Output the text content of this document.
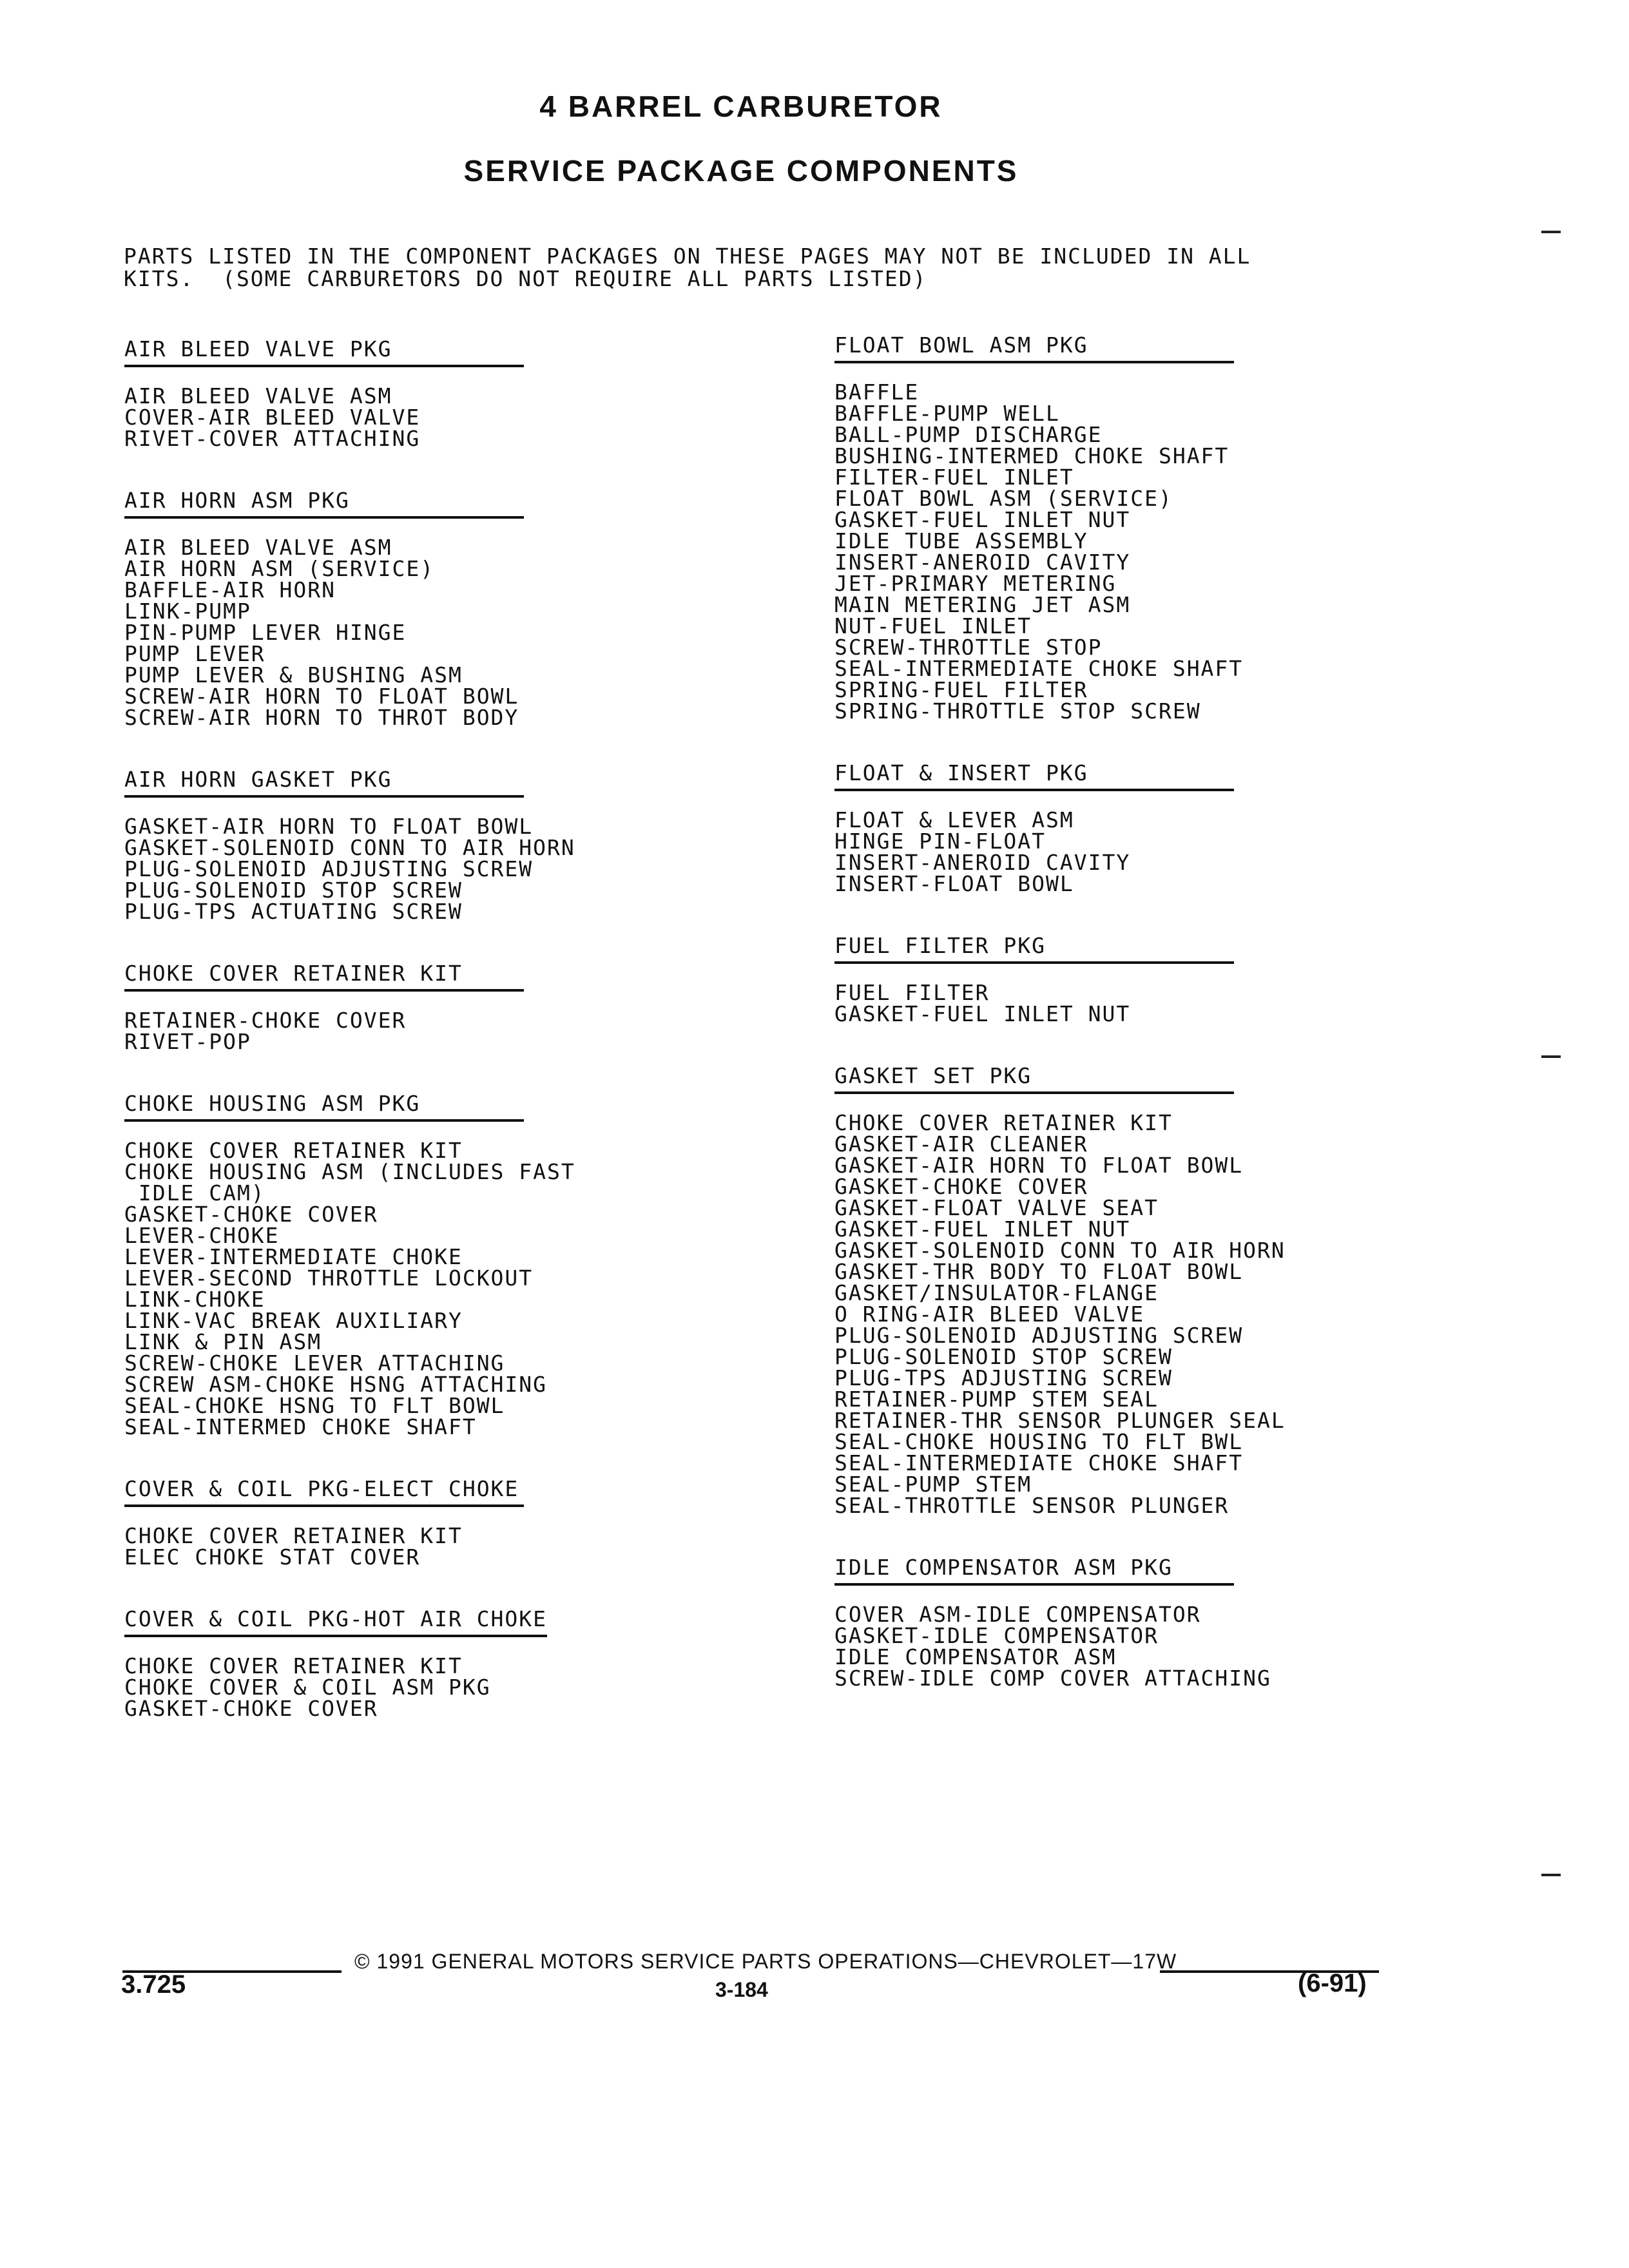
4 BARREL CARBURETOR
SERVICE PACKAGE COMPONENTS
PARTS LISTED IN THE COMPONENT PACKAGES ON THESE PAGES MAY NOT BE INCLUDED IN ALL
KITS.  (SOME CARBURETORS DO NOT REQUIRE ALL PARTS LISTED)
AIR BLEED VALVE PKG
AIR BLEED VALVE ASM
COVER-AIR BLEED VALVE
RIVET-COVER ATTACHING
AIR HORN ASM PKG
AIR BLEED VALVE ASM
AIR HORN ASM (SERVICE)
BAFFLE-AIR HORN
LINK-PUMP
PIN-PUMP LEVER HINGE
PUMP LEVER
PUMP LEVER & BUSHING ASM
SCREW-AIR HORN TO FLOAT BOWL
SCREW-AIR HORN TO THROT BODY
AIR HORN GASKET PKG
GASKET-AIR HORN TO FLOAT BOWL
GASKET-SOLENOID CONN TO AIR HORN
PLUG-SOLENOID ADJUSTING SCREW
PLUG-SOLENOID STOP SCREW
PLUG-TPS ACTUATING SCREW
CHOKE COVER RETAINER KIT
RETAINER-CHOKE COVER
RIVET-POP
CHOKE HOUSING ASM PKG
CHOKE COVER RETAINER KIT
CHOKE HOUSING ASM (INCLUDES FAST
IDLE CAM)
GASKET-CHOKE COVER
LEVER-CHOKE
LEVER-INTERMEDIATE CHOKE
LEVER-SECOND THROTTLE LOCKOUT
LINK-CHOKE
LINK-VAC BREAK AUXILIARY
LINK & PIN ASM
SCREW-CHOKE LEVER ATTACHING
SCREW ASM-CHOKE HSNG ATTACHING
SEAL-CHOKE HSNG TO FLT BOWL
SEAL-INTERMED CHOKE SHAFT
COVER & COIL PKG-ELECT CHOKE
CHOKE COVER RETAINER KIT
ELEC CHOKE STAT COVER
COVER & COIL PKG-HOT AIR CHOKE
CHOKE COVER RETAINER KIT
CHOKE COVER & COIL ASM PKG
GASKET-CHOKE COVER
FLOAT BOWL ASM PKG
BAFFLE
BAFFLE-PUMP WELL
BALL-PUMP DISCHARGE
BUSHING-INTERMED CHOKE SHAFT
FILTER-FUEL INLET
FLOAT BOWL ASM (SERVICE)
GASKET-FUEL INLET NUT
IDLE TUBE ASSEMBLY
INSERT-ANEROID CAVITY
JET-PRIMARY METERING
MAIN METERING JET ASM
NUT-FUEL INLET
SCREW-THROTTLE STOP
SEAL-INTERMEDIATE CHOKE SHAFT
SPRING-FUEL FILTER
SPRING-THROTTLE STOP SCREW
FLOAT & INSERT PKG
FLOAT & LEVER ASM
HINGE PIN-FLOAT
INSERT-ANEROID CAVITY
INSERT-FLOAT BOWL
FUEL FILTER PKG
FUEL FILTER
GASKET-FUEL INLET NUT
GASKET SET PKG
CHOKE COVER RETAINER KIT
GASKET-AIR CLEANER
GASKET-AIR HORN TO FLOAT BOWL
GASKET-CHOKE COVER
GASKET-FLOAT VALVE SEAT
GASKET-FUEL INLET NUT
GASKET-SOLENOID CONN TO AIR HORN
GASKET-THR BODY TO FLOAT BOWL
GASKET/INSULATOR-FLANGE
O RING-AIR BLEED VALVE
PLUG-SOLENOID ADJUSTING SCREW
PLUG-SOLENOID STOP SCREW
PLUG-TPS ADJUSTING SCREW
RETAINER-PUMP STEM SEAL
RETAINER-THR SENSOR PLUNGER SEAL
SEAL-CHOKE HOUSING TO FLT BWL
SEAL-INTERMEDIATE CHOKE SHAFT
SEAL-PUMP STEM
SEAL-THROTTLE SENSOR PLUNGER
IDLE COMPENSATOR ASM PKG
COVER ASM-IDLE COMPENSATOR
GASKET-IDLE COMPENSATOR
IDLE COMPENSATOR ASM
SCREW-IDLE COMP COVER ATTACHING
© 1991 GENERAL MOTORS SERVICE PARTS OPERATIONS—CHEVROLET—17W
3.725	3-184	(6-91)
